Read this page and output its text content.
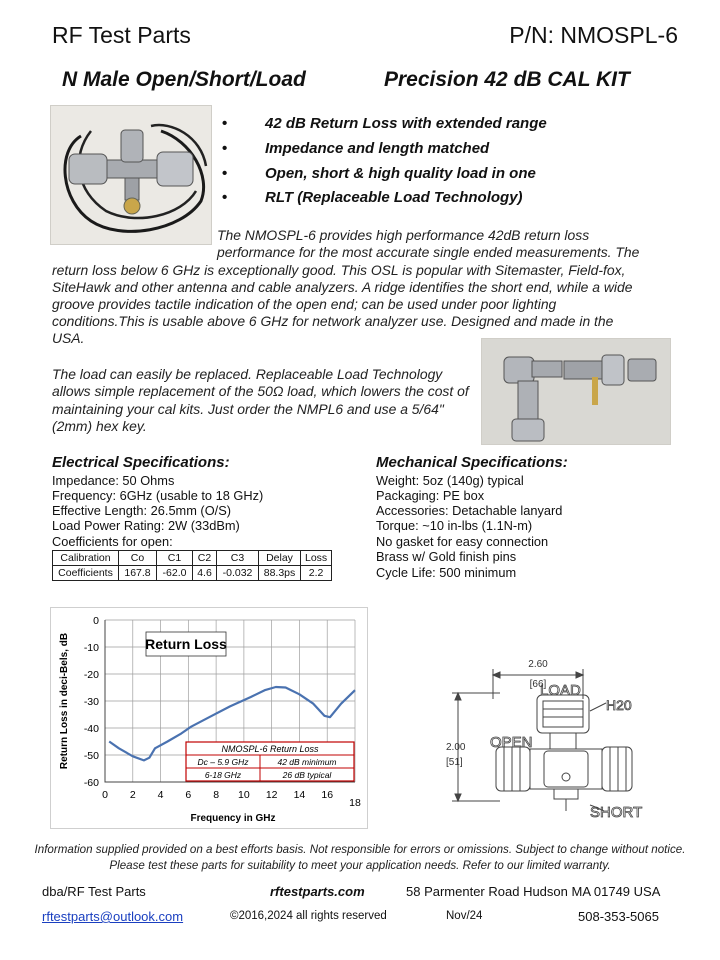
RF Test Parts	P/N: NMOSPL-6
N Male Open/Short/Load	Precision 42 dB CAL KIT
•	42 dB Return Loss with extended range
•	Impedance and length matched
•	Open, short & high quality load in one
•	RLT (Replaceable Load Technology)
The NMOSPL-6 provides high performance 42dB return loss
performance for the most accurate single ended measurements. The
return loss below 6 GHz is exceptionally good. This OSL is popular with Sitemaster, Field-fox,
SiteHawk and other antenna and cable analyzers. A ridge identifies the short end, while a wide
groove provides tactile indication of the open end; can be used under poor lighting
conditions.This is usable above 6 GHz for network analyzer use. Designed and made in the
USA.
The load can easily be replaced. Replaceable Load Technology
allows simple replacement of the 50Ω load, which lowers the cost of
maintaining your cal kits. Just order the NMPL6 and use a 5/64"
(2mm) hex key.
Electrical Specifications:
Impedance: 50 Ohms
Frequency: 6GHz (usable to 18 GHz)
Effective Length: 26.5mm (O/S)
Load Power Rating: 2W (33dBm)
Coefficients for open:
Calibration	Co	C1	C2	C3	Delay	Loss
Coefficients	167.8	-62.0	4.6	-0.032	88.3ps	2.2
Mechanical Specifications:
Weight: 5oz (140g) typical
Packaging: PE box
Accessories: Detachable lanyard
Torque: ~10 in-lbs (1.1N-m)
No gasket for easy connection
Brass w/ Gold finish pins
Cycle Life: 500 minimum
0 2 4 6 8 10 12 14 16
18
0
-10
-20
-30
-40
-50
-60
Return Loss in deci-Bels, dB
Frequency in GHz
Return Loss
NMOSPL-6 Return Loss
Dc – 5.9 GHz	42 dB minimum
6-18 GHz	26 dB typical
2.60
[66]
2.00
[51]
LOAD
H20
OPEN
SHORT
Information supplied provided on a best efforts basis. Not responsible for errors or omissions. Subject to change without notice.
Please test these parts for suitability to meet your application needs. Refer to our limited warranty.
dba/RF Test Parts	rftestparts.com	58 Parmenter Road Hudson MA 01749 USA
rftestparts@outlook.com	©2016,2024 all rights reserved	Nov/24	508-353-5065
